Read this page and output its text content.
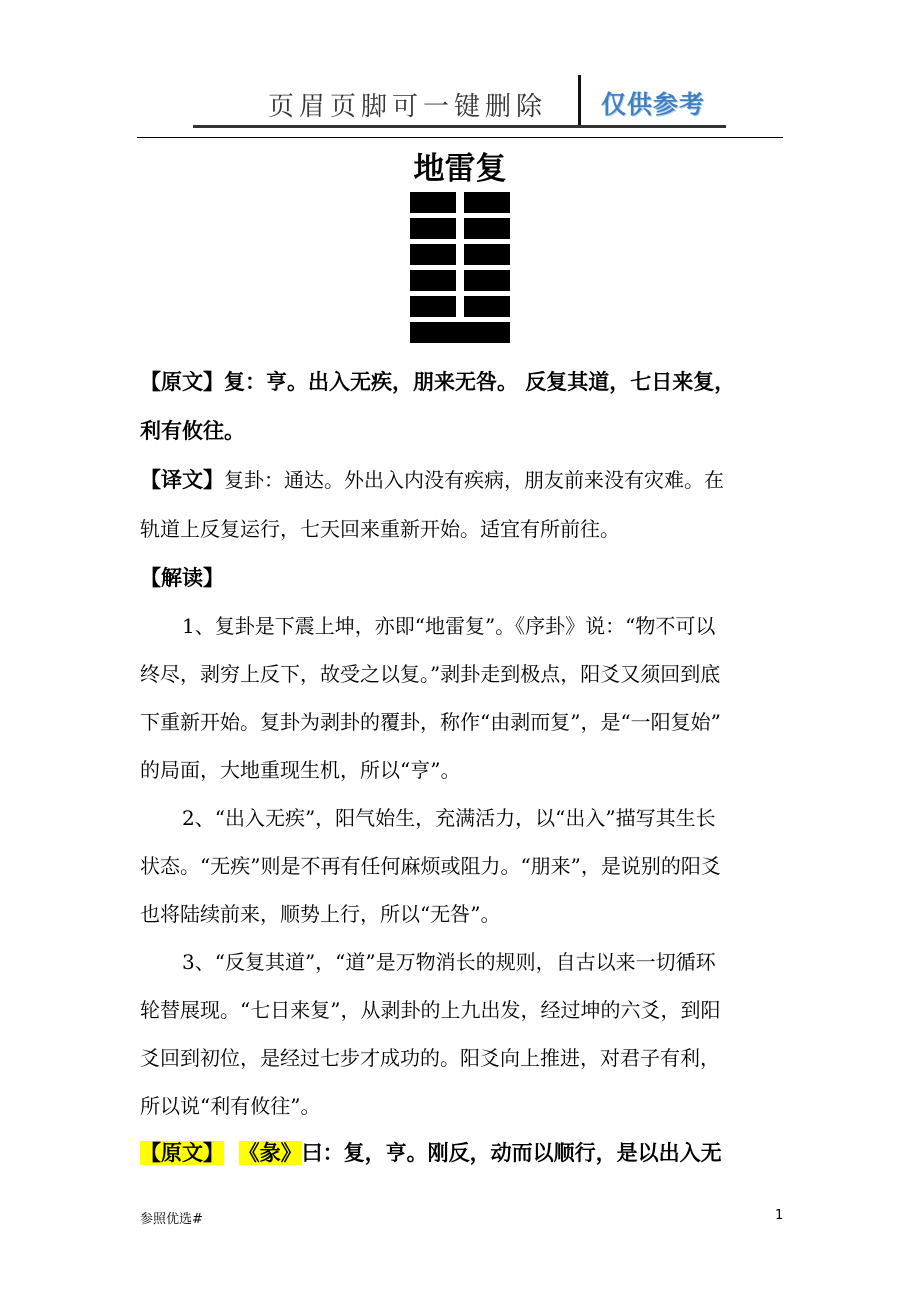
页眉页脚可一键删除 仅供参考
地雷复
【原文】复：亨。出入无疾，朋来无咎。 反复其道，七日来复，
利有攸往。
【译文】复卦：通达。外出入内没有疾病，朋友前来没有灾难。在
轨道上反复运行，七天回来重新开始。适宜有所前往。
【解读】
1、复卦是下震上坤，亦即“地雷复”。《序卦》说：“物不可以
终尽，剥穷上反下，故受之以复。”剥卦走到极点，阳爻又须回到底
下重新开始。复卦为剥卦的覆卦，称作“由剥而复”，是“一阳复始”
的局面，大地重现生机，所以“亨”。
2、“出入无疾”，阳气始生，充满活力，以“出入”描写其生长
状态。“无疾”则是不再有任何麻烦或阻力。“朋来”，是说别的阳爻
也将陆续前来，顺势上行，所以“无咎”。
3、“反复其道”，“道”是万物消长的规则，自古以来一切循环
轮替展现。“七日来复”，从剥卦的上九出发，经过坤的六爻，到阳
爻回到初位，是经过七步才成功的。阳爻向上推进，对君子有利，
所以说“利有攸往”。
【原文】 《彖》曰：复，亨。刚反，动而以顺行，是以出入无
参照优选#	1
